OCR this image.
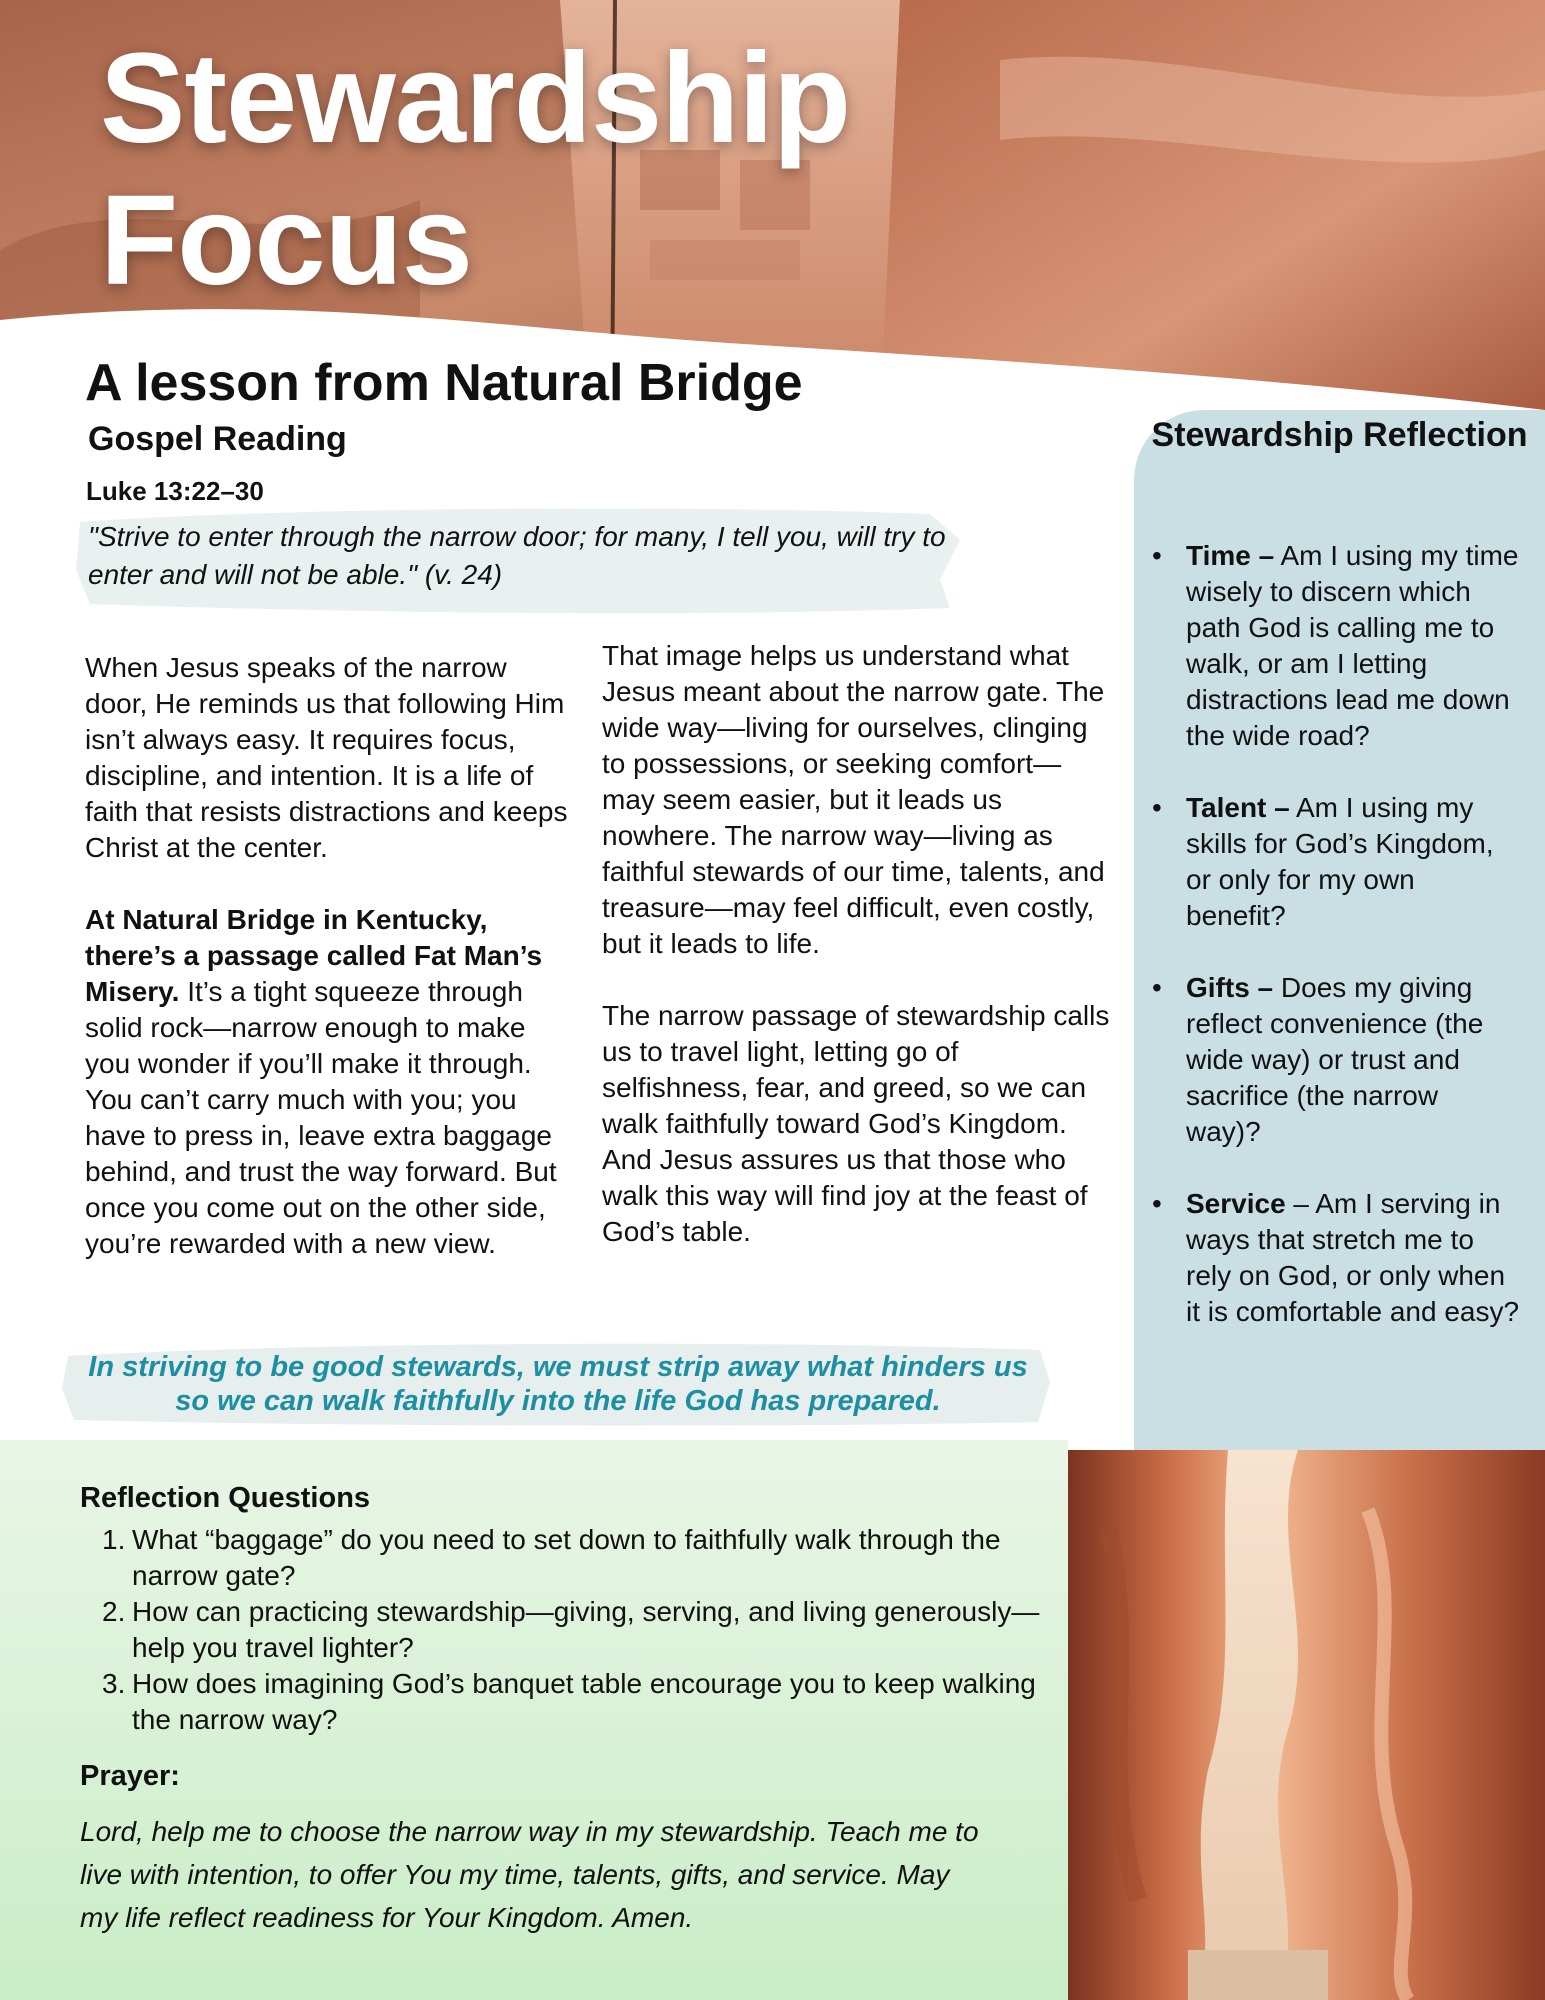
Stewardship
Focus
A lesson from Natural Bridge
Gospel Reading
Luke 13:22–30

"Strive to enter through the narrow door; for many, I tell you, will try to enter and will not be able." (v. 24)

When Jesus speaks of the narrow door, He reminds us that following Him isn’t always easy. It requires focus, discipline, and intention. It is a life of faith that resists distractions and keeps Christ at the center.

At Natural Bridge in Kentucky, there’s a passage called Fat Man’s Misery. It’s a tight squeeze through solid rock—narrow enough to make you wonder if you’ll make it through. You can’t carry much with you; you have to press in, leave extra baggage behind, and trust the way forward. But once you come out on the other side, you’re rewarded with a new view.

That image helps us understand what Jesus meant about the narrow gate. The wide way—living for ourselves, clinging to possessions, or seeking comfort—may seem easier, but it leads us nowhere. The narrow way—living as faithful stewards of our time, talents, and treasure—may feel difficult, even costly, but it leads to life.

The narrow passage of stewardship calls us to travel light, letting go of selfishness, fear, and greed, so we can walk faithfully toward God’s Kingdom. And Jesus assures us that those who walk this way will find joy at the feast of God’s table.

In striving to be good stewards, we must strip away what hinders us so we can walk faithfully into the life God has prepared.

Stewardship Reflection
• Time – Am I using my time wisely to discern which path God is calling me to walk, or am I letting distractions lead me down the wide road?
• Talent – Am I using my skills for God’s Kingdom, or only for my own benefit?
• Gifts – Does my giving reflect convenience (the wide way) or trust and sacrifice (the narrow way)?
• Service – Am I serving in ways that stretch me to rely on God, or only when it is comfortable and easy?
Reflection Questions
1. What “baggage” do you need to set down to faithfully walk through the narrow gate?
2. How can practicing stewardship—giving, serving, and living generously—help you travel lighter?
3. How does imagining God’s banquet table encourage you to keep walking the narrow way?
Prayer:

Lord, help me to choose the narrow way in my stewardship. Teach me to live with intention, to offer You my time, talents, gifts, and service. May my life reflect readiness for Your Kingdom. Amen.
